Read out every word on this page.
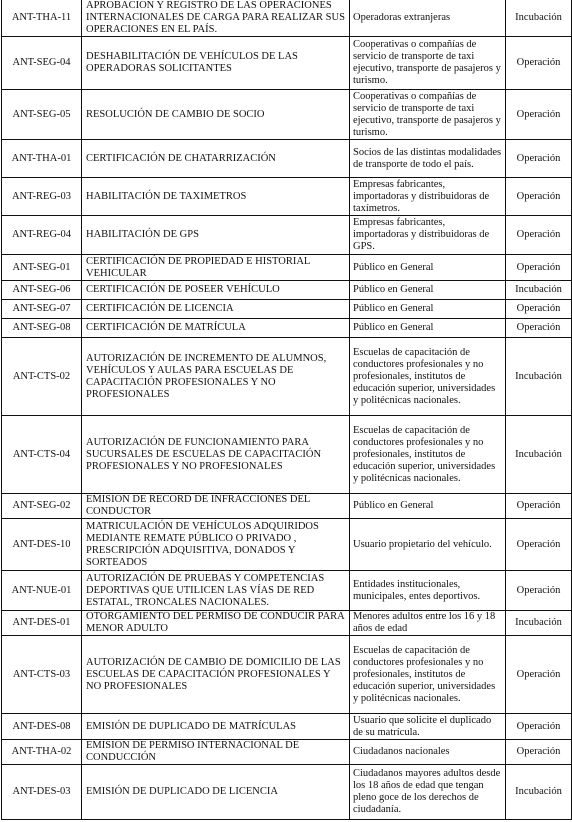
ANT-THA-11	APROBACIÓN Y REGISTRO DE LAS OPERACIONES INTERNACIONALES DE CARGA PARA REALIZAR SUS OPERACIONES EN EL PAÍS.	Operadoras extranjeras	Incubación
ANT-SEG-04	DESHABILITACIÓN DE VEHÍCULOS DE LAS OPERADORAS SOLICITANTES	Cooperativas o compañías de servicio de transporte de taxi ejecutivo, transporte de pasajeros y turismo.	Operación
ANT-SEG-05	RESOLUCIÓN DE CAMBIO DE SOCIO	Cooperativas o compañías de servicio de transporte de taxi ejecutivo, transporte de pasajeros y turismo.	Operación
ANT-THA-01	CERTIFICACIÓN DE CHATARRIZACIÓN	Socios de las distintas modalidades de transporte de todo el país.	Operación
ANT-REG-03	HABILITACIÓN DE TAXIMETROS	Empresas fabricantes, importadoras y distribuidoras de taxímetros.	Operación
ANT-REG-04	HABILITACIÓN DE GPS	Empresas fabricantes, importadoras y distribuidoras de GPS.	Operación
ANT-SEG-01	CERTIFICACIÓN DE PROPIEDAD E HISTORIAL VEHICULAR	Público en General	Operación
ANT-SEG-06	CERTIFICACIÓN DE POSEER VEHÍCULO	Público en General	Incubación
ANT-SEG-07	CERTIFICACIÓN DE LICENCIA	Público en General	Operación
ANT-SEG-08	CERTIFICACIÓN DE MATRÍCULA	Público en General	Operación
ANT-CTS-02	AUTORIZACIÓN DE INCREMENTO DE ALUMNOS, VEHÍCULOS Y AULAS PARA ESCUELAS DE CAPACITACIÓN PROFESIONALES Y NO PROFESIONALES	Escuelas de capacitación de conductores profesionales y no profesionales, institutos de educación superior, universidades y politécnicas nacionales.	Incubación
ANT-CTS-04	AUTORIZACIÓN DE FUNCIONAMIENTO PARA SUCURSALES DE ESCUELAS DE CAPACITACIÓN PROFESIONALES Y NO PROFESIONALES	Escuelas de capacitación de conductores profesionales y no profesionales, institutos de educación superior, universidades y politécnicas nacionales.	Incubación
ANT-SEG-02	EMISIÓN DE RECORD DE INFRACCIONES DEL CONDUCTOR	Público en General	Operación
ANT-DES-10	MATRICULACIÓN DE VEHÍCULOS ADQUIRIDOS MEDIANTE REMATE PÚBLICO O PRIVADO , PRESCRIPCIÓN ADQUISITIVA, DONADOS Y SORTEADOS	Usuario propietario del vehículo.	Operación
ANT-NUE-01	AUTORIZACIÓN DE PRUEBAS Y COMPETENCIAS DEPORTIVAS QUE UTILICEN LAS VÍAS DE RED ESTATAL, TRONCALES NACIONALES.	Entidades institucionales, municipales, entes deportivos.	Operación
ANT-DES-01	OTORGAMIENTO DEL PERMISO DE CONDUCIR PARA MENOR ADULTO	Menores adultos entre los 16 y 18 años de edad	Incubación
ANT-CTS-03	AUTORIZACIÓN DE CAMBIO DE DOMICILIO DE LAS ESCUELAS DE CAPACITACIÓN PROFESIONALES Y NO PROFESIONALES	Escuelas de capacitación de conductores profesionales y no profesionales, institutos de educación superior, universidades y politécnicas nacionales.	Operación
ANT-DES-08	EMISIÓN DE DUPLICADO DE MATRÍCULAS	Usuario que solicite el duplicado de su matrícula.	Operación
ANT-THA-02	EMISIÓN DE PERMISO INTERNACIONAL DE CONDUCCIÓN	Ciudadanos nacionales	Operación
ANT-DES-03	EMISIÓN DE DUPLICADO DE LICENCIA	Ciudadanos mayores adultos desde los 18 años de edad que tengan pleno goce de los derechos de ciudadanía.	Incubación
